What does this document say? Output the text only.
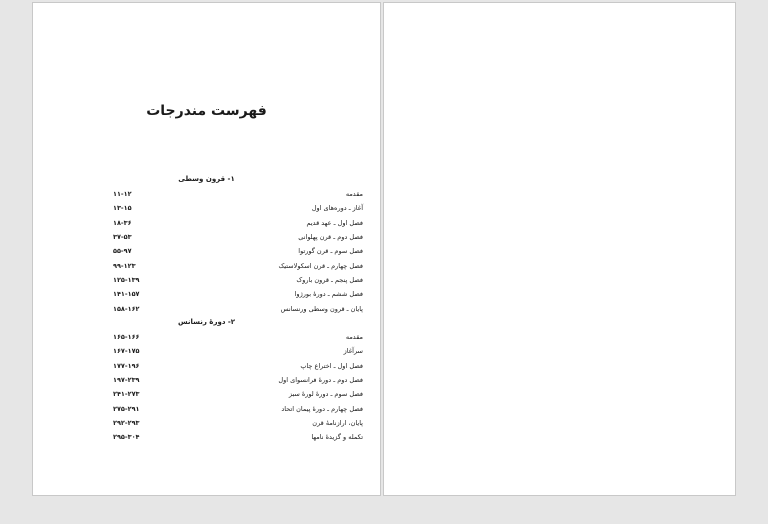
فهرست مندرجات
۱- قرون وسطی
۱۱-۱۲	مقدمه
۱۳-۱۵	آغاز ـ دوره‌های اول
۱۸-۳۶	فصل اول ـ عهد قدیم
۳۷-۵۳	فصل دوم ـ قرن پهلوانی
۵۵-۹۷	فصل سوم ـ قرن گورتوا
۹۹-۱۲۳	فصل چهارم ـ قرن اسکولاستیک
۱۲۵-۱۳۹	فصل پنجم ـ قرون باروک
۱۴۱-۱۵۷	فصل ششم ـ دورهٔ بورژوا
۱۵۸-۱۶۲	پایان ـ قرون وسطی ورنسانس
۲- دورهٔ رنسانس
۱۶۵-۱۶۶	مقدمه
۱۶۷-۱۷۵	سرآغاز
۱۷۷-۱۹۶	فصل اول ـ اختراع چاپ
۱۹۷-۲۳۹	فصل دوم ـ دورهٔ فرانسوای اول
۲۴۱-۲۷۳	فصل سوم ـ دورهٔ لورهٔ سبز
۲۷۵-۲۹۱	فصل چهارم ـ دورهٔ پیمان اتحاد
۲۹۲-۲۹۳	پایان، ارازنامهٔ قرن
۲۹۵-۳۰۴	تکمله و گزیدهٔ نامها
